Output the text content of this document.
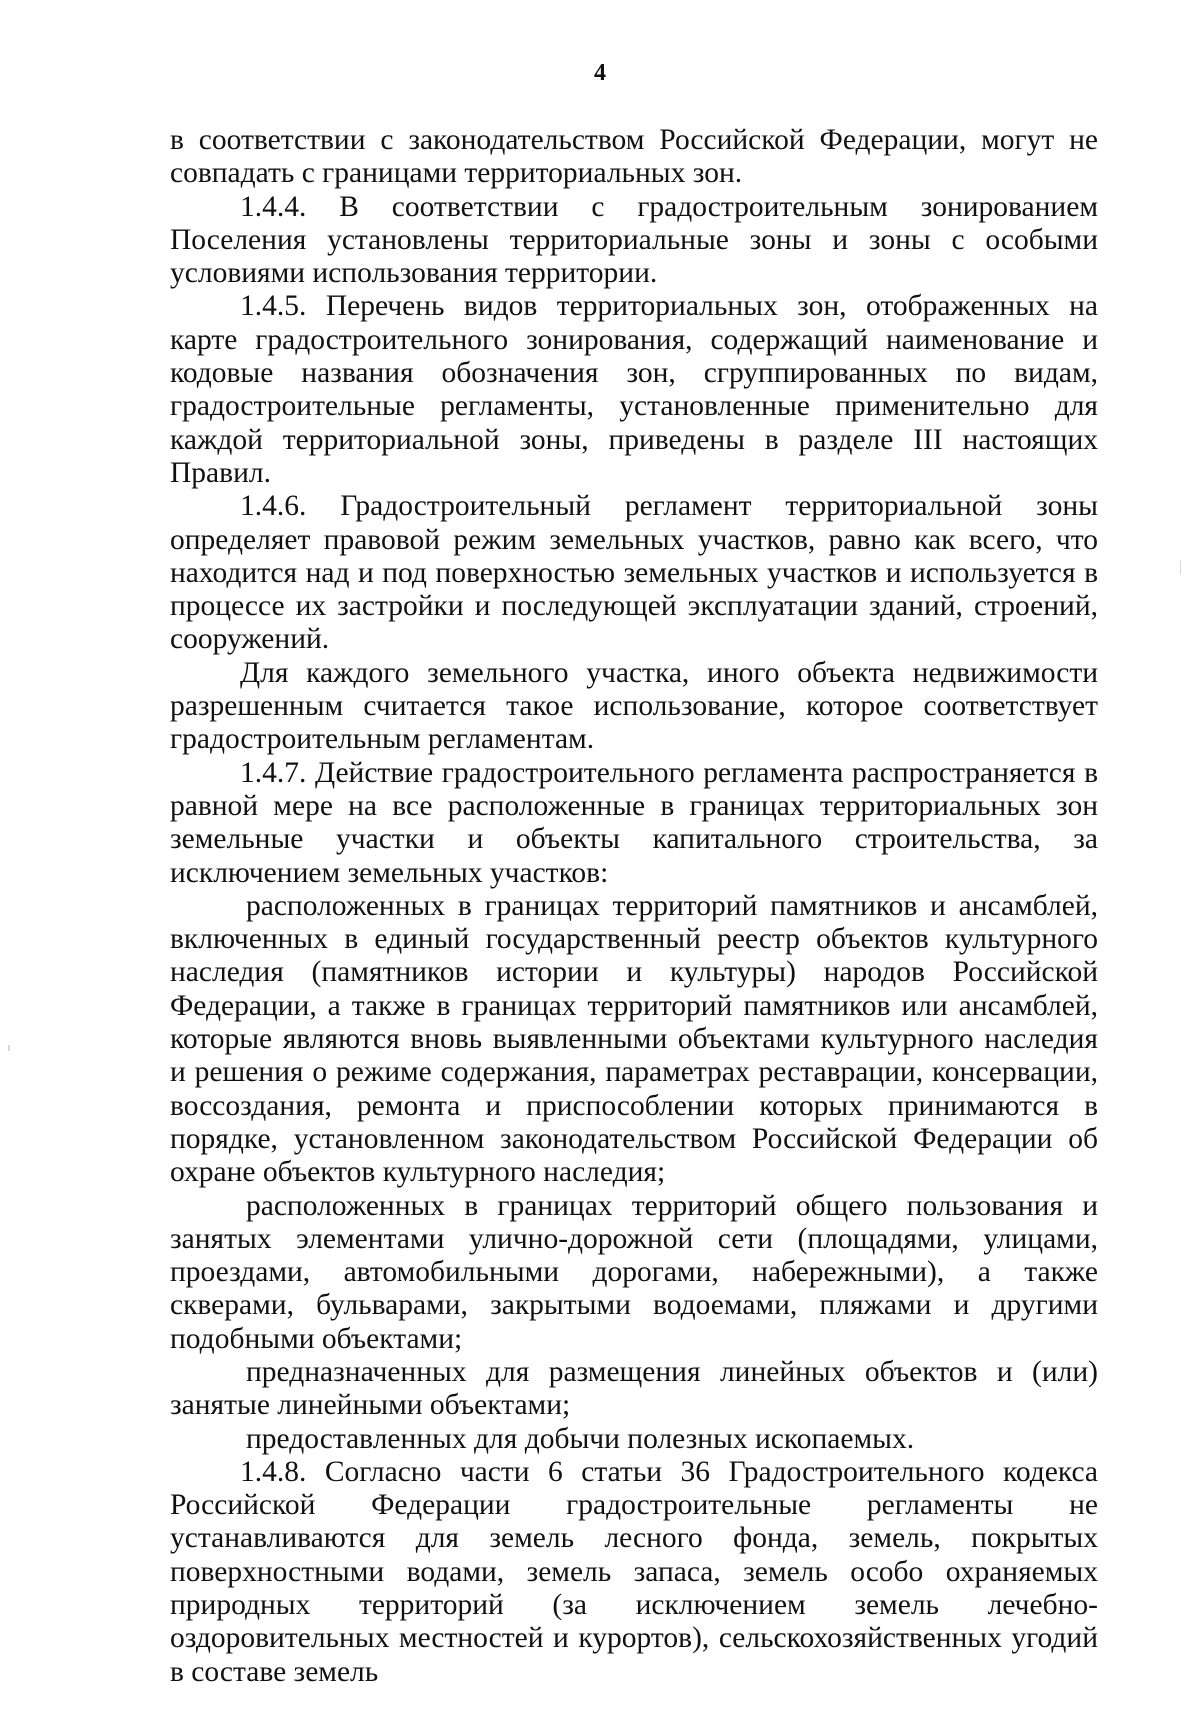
4

в соответствии с законодательством Российской Федерации, могут не совпадать с границами территориальных зон.

1.4.4. В соответствии с градостроительным зонированием Поселения установлены территориальные зоны и зоны с особыми условиями использования территории.

1.4.5. Перечень видов территориальных зон, отображенных на карте градостроительного зонирования, содержащий наименование и кодовые названия обозначения зон, сгруппированных по видам, градостроительные регламенты, установленные применительно для каждой территориальной зоны, приведены в разделе III настоящих Правил.

1.4.6. Градостроительный регламент территориальной зоны определяет правовой режим земельных участков, равно как всего, что находится над и под поверхностью земельных участков и используется в процессе их застройки и последующей эксплуатации зданий, строений, сооружений.

Для каждого земельного участка, иного объекта недвижимости разрешенным считается такое использование, которое соответствует градостроительным регламентам.

1.4.7. Действие градостроительного регламента распространяется в равной мере на все расположенные в границах территориальных зон земельные участки и объекты капитального строительства, за исключением земельных участков:

расположенных в границах территорий памятников и ансамблей, включенных в единый государственный реестр объектов культурного наследия (памятников истории и культуры) народов Российской Федерации, а также в границах территорий памятников или ансамблей, которые являются вновь выявленными объектами культурного наследия и решения о режиме содержания, параметрах реставрации, консервации, воссоздания, ремонта и приспособлении которых принимаются в порядке, установленном законодательством Российской Федерации об охране объектов культурного наследия;

расположенных в границах территорий общего пользования и занятых элементами улично-дорожной сети (площадями, улицами, проездами, автомобильными дорогами, набережными), а также скверами, бульварами, закрытыми водоемами, пляжами и другими подобными объектами;

предназначенных для размещения линейных объектов и (или) занятые линейными объектами;

предоставленных для добычи полезных ископаемых.

1.4.8. Согласно части 6 статьи 36 Градостроительного кодекса Российской Федерации градостроительные регламенты не устанавливаются для земель лесного фонда, земель, покрытых поверхностными водами, земель запаса, земель особо охраняемых природных территорий (за исключением земель лечебно-оздоровительных местностей и курортов), сельскохозяйственных угодий в составе земель
